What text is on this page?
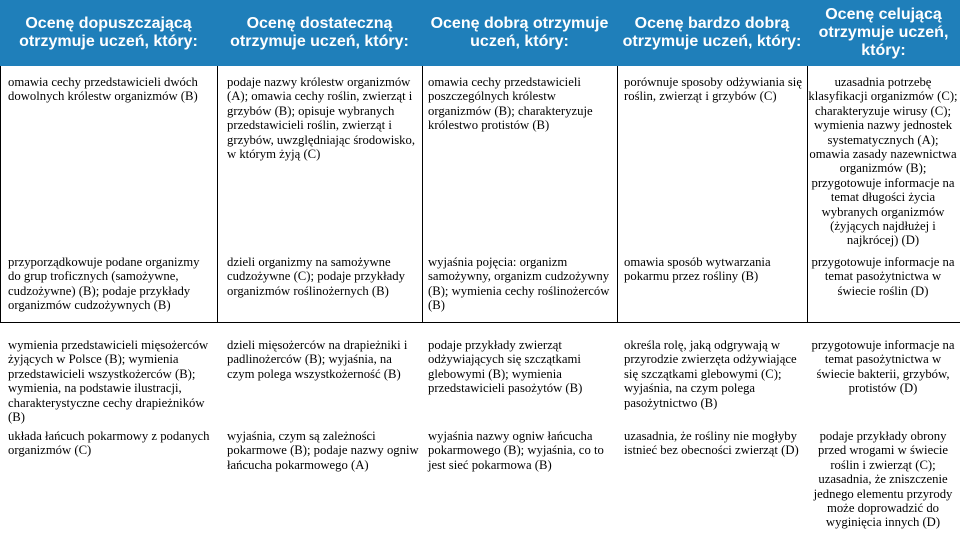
Ocenę dopuszczającą
otrzymuje uczeń, który:
Ocenę dostateczną
otrzymuje uczeń, który:
Ocenę dobrą otrzymuje
uczeń, który:
Ocenę bardzo dobrą
otrzymuje uczeń, który:
Ocenę celującą
otrzymuje uczeń,
który:
omawia cechy przedstawicieli dwóch dowolnych królestw organizmów (B)
podaje nazwy królestw organizmów (A); omawia cechy roślin, zwierząt i grzybów (B); opisuje wybranych przedstawicieli roślin, zwierząt i grzybów, uwzględniając środowisko, w którym żyją (C)
omawia cechy przedstawicieli poszczególnych królestw organizmów (B); charakteryzuje królestwo protistów (B)
porównuje sposoby odżywiania się roślin, zwierząt i grzybów (C)
uzasadnia potrzebę klasyfikacji organizmów (C); charakteryzuje wirusy (C); wymienia nazwy jednostek systematycznych (A); omawia zasady nazewnictwa organizmów (B); przygotowuje informacje na temat długości życia wybranych organizmów (żyjących najdłużej i najkrócej) (D)
przyporządkowuje podane organizmy do grup troficznych (samożywne, cudzożywne) (B); podaje przykłady organizmów cudzożywnych (B)
dzieli organizmy na samożywne cudzożywne (C); podaje przykłady organizmów roślinożernych (B)
wyjaśnia pojęcia: organizm samożywny, organizm cudzożywny (B); wymienia cechy roślinożerców (B)
omawia sposób wytwarzania pokarmu przez rośliny (B)
przygotowuje informacje na temat pasożytnictwa w świecie roślin (D)
wymienia przedstawicieli mięsożerców żyjących w Polsce (B); wymienia przedstawicieli wszystkożerców (B); wymienia, na podstawie ilustracji, charakterystyczne cechy drapieżników (B)
dzieli mięsożerców na drapieżniki i padlinożerców (B); wyjaśnia, na czym polega wszystkożerność (B)
podaje przykłady zwierząt odżywiających się szczątkami glebowymi (B); wymienia przedstawicieli pasożytów (B)
określa rolę, jaką odgrywają w przyrodzie zwierzęta odżywiające się szczątkami glebowymi (C); wyjaśnia, na czym polega pasożytnictwo (B)
przygotowuje informacje na temat pasożytnictwa w świecie bakterii, grzybów, protistów (D)
układa łańcuch pokarmowy z podanych organizmów (C)
wyjaśnia, czym są zależności pokarmowe (B); podaje nazwy ogniw łańcucha pokarmowego (A)
wyjaśnia nazwy ogniw łańcucha pokarmowego (B); wyjaśnia, co to jest sieć pokarmowa (B)
uzasadnia, że rośliny nie mogłyby istnieć bez obecności zwierząt (D)
podaje przykłady obrony przed wrogami w świecie roślin i zwierząt (C); uzasadnia, że zniszczenie jednego elementu przyrody może doprowadzić do wyginięcia innych (D)
